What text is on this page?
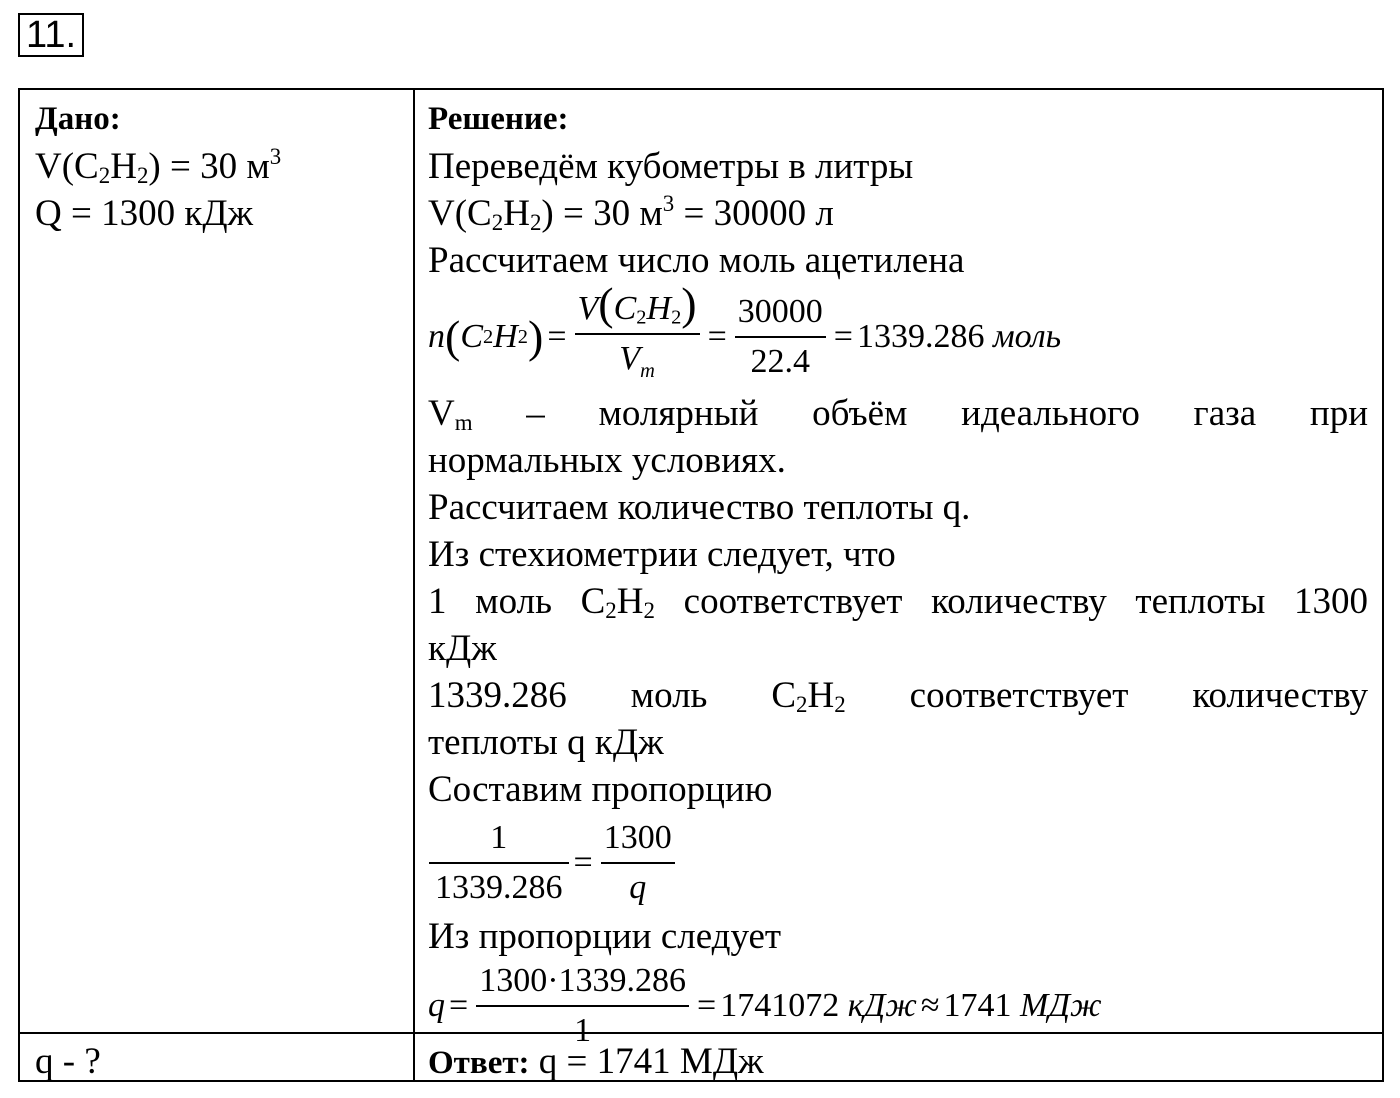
11.
Дано:
$V(C_2H_2) = 30$ $м^3$
Q = 1300 кДж
Решение:
Переведём кубометры в литры
$V(C_2H_2) = 30$ $м^3 = 30000$ л
Рассчитаем число моль ацетилена
n ( C 2 H 2 ) = $\frac{V(C_2H_2)}{V_m} = \frac{30000}{22.4} = 1339.286$
моль
$V_m$ – молярный объём идеального газа при
нормальных условиях.
Рассчитаем количество теплоты q.
Из стехиометрии следует, что
1 моль $C_2H_2$ соответствует количеству теплоты 1300
кДж
1339.286 моль $C_2H_2$ соответствует количеству
теплоты q кДж
Составим пропорцию
$\frac{1}{1339.286} = \frac{1300}{q}$
Из пропорции следует
$q = \frac{1300\cdot 1339.286}{1} = 1741072$
кДж ≈ 1741
МДж
q - ?	Ответ: q = 1741 МДж
